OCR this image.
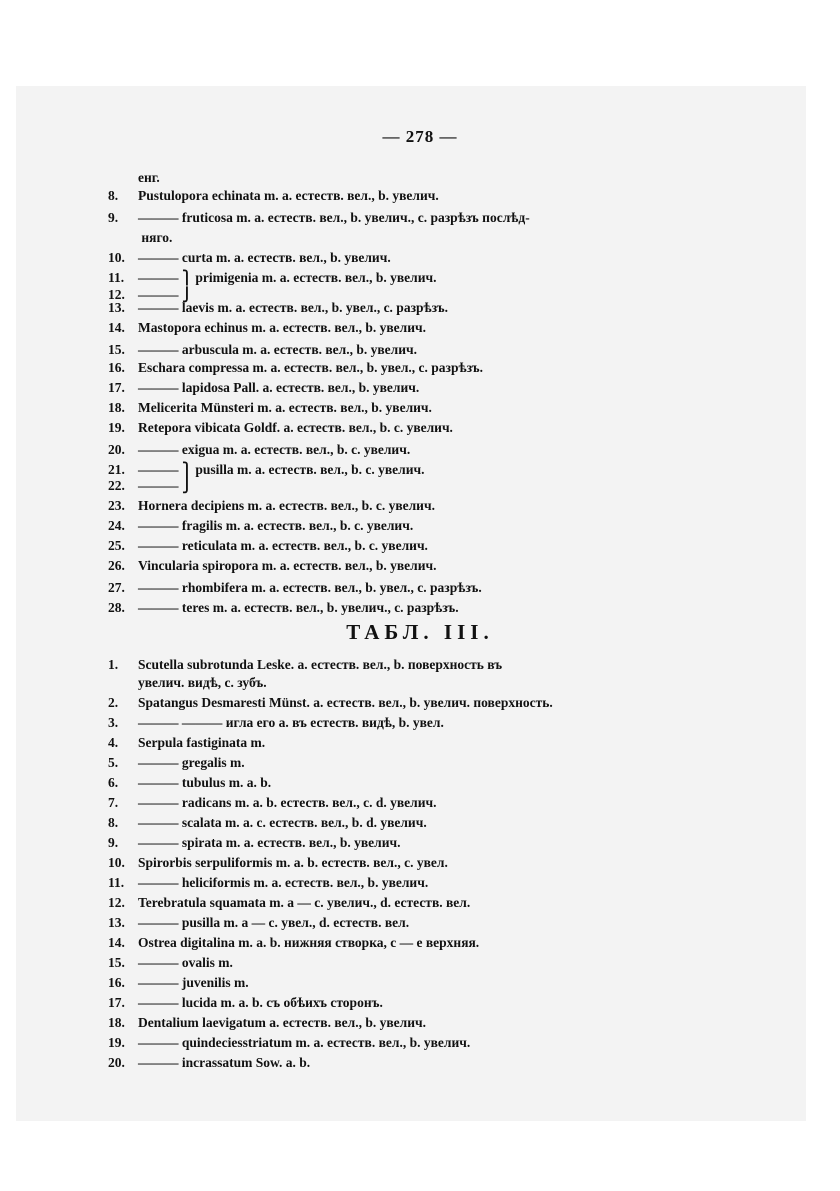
— 278 —
ТАБЛ. III.
енг.
8. Pustulopora echinata m. a. естеств. вел., b. увелич.
9. ——— fruticosa m. a. естеств. вел., b. увелич., c. разрѣзъ послѣд-
няго.
10. ——— curta m. a. естеств. вел., b. увелич.
11. ——— ⎫ primigenia m. a. естеств. вел., b. увелич.
12. ——— ⎭
13. ——— laevis m. a. естеств. вел., b. увел., c. разрѣзъ.
14. Mastopora echinus m. a. естеств. вел., b. увелич.
15. ——— arbuscula m. a. естеств. вел., b. увелич.
16. Eschara compressa m. a. естеств. вел., b. увел., c. разрѣзъ.
17. ——— lapidosa Pall. a. естеств. вел., b. увелич.
18. Melicerita Münsteri m. a. естеств. вел., b. увелич.
19. Retepora vibicata Goldf. a. естеств. вел., b. c. увелич.
20. ——— exigua m. a. естеств. вел., b. c. увелич.
21. ——— ⎫ pusilla m. a. естеств. вел., b. c. увелич.
22. ——— ⎭
23. Hornera decipiens m. a. естеств. вел., b. c. увелич.
24. ——— fragilis m. a. естеств. вел., b. c. увелич.
25. ——— reticulata m. a. естеств. вел., b. c. увелич.
26. Vincularia spiropora m. a. естеств. вел., b. увелич.
27. ——— rhombifera m. a. естеств. вел., b. увел., c. разрѣзъ.
28. ——— teres m. a. естеств. вел., b. увелич., c. разрѣзъ.
1. Scutella subrotunda Leske. a. естеств. вел., b. поверхность въ
увелич. видѣ, c. зубъ.
2. Spatangus Desmaresti Münst. a. естеств. вел., b. увелич. поверхность.
3. ——— ——— игла его a. въ естеств. видѣ, b. увел.
4. Serpula fastiginata m.
5. ——— gregalis m.
6. ——— tubulus m. a. b.
7. ——— radicans m. a. b. естеств. вел., c. d. увелич.
8. ——— scalata m. a. c. естеств. вел., b. d. увелич.
9. ——— spirata m. a. естеств. вел., b. увелич.
10. Spirorbis serpuliformis m. a. b. естеств. вел., c. увел.
11. ——— heliciformis m. a. естеств. вел., b. увелич.
12. Terebratula squamata m. a — c. увелич., d. естеств. вел.
13. ——— pusilla m. a — c. увел., d. естеств. вел.
14. Ostrea digitalina m. a. b. нижняя створка, c — e верхняя.
15. ——— ovalis m.
16. ——— juvenilis m.
17. ——— lucida m. a. b. съ обѣихъ сторонъ.
18. Dentalium laevigatum a. естеств. вел., b. увелич.
19. ——— quindeciesstriatum m. a. естеств. вел., b. увелич.
20. ——— incrassatum Sow. a. b.
